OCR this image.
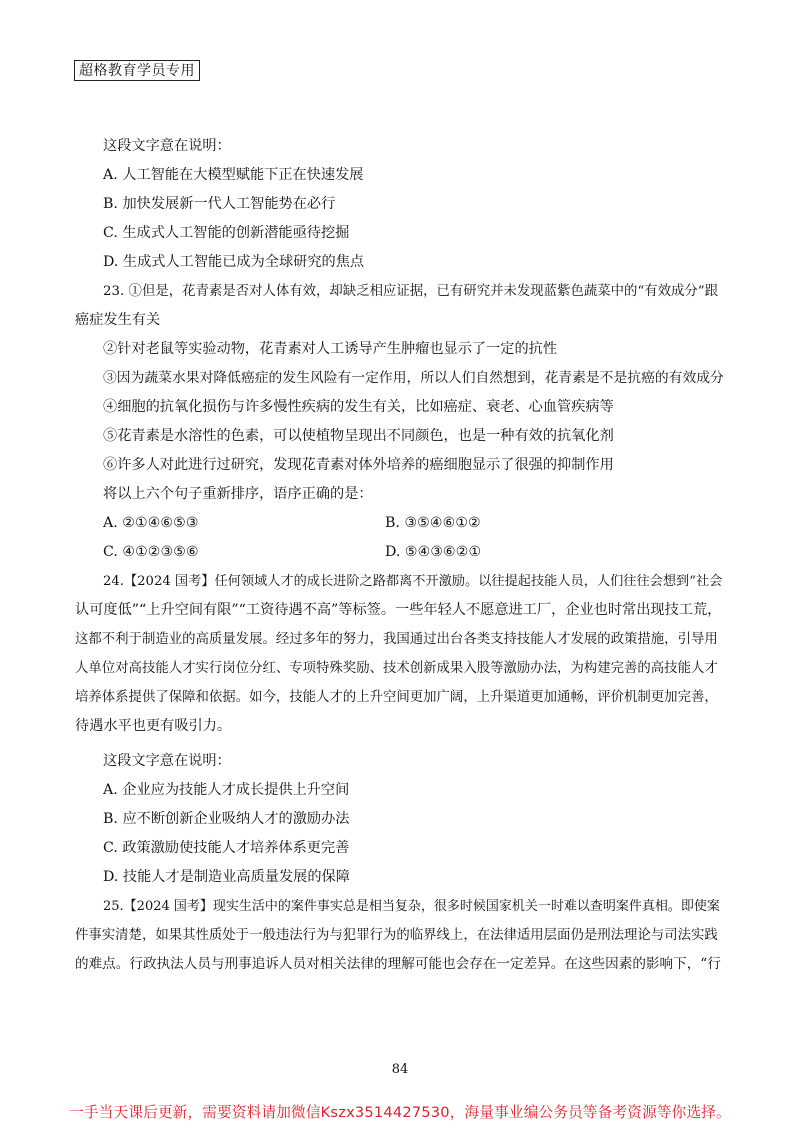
超格教育学员专用

这段文字意在说明：

A. 人工智能在大模型赋能下正在快速发展

B. 加快发展新一代人工智能势在必行

C. 生成式人工智能的创新潜能亟待挖掘

D. 生成式人工智能已成为全球研究的焦点

23. ①但是，花青素是否对人体有效，却缺乏相应证据，已有研究并未发现蓝紫色蔬菜中的“有效成分”跟

癌症发生有关

②针对老鼠等实验动物，花青素对人工诱导产生肿瘤也显示了一定的抗性

③因为蔬菜水果对降低癌症的发生风险有一定作用，所以人们自然想到，花青素是不是抗癌的有效成分

④细胞的抗氧化损伤与许多慢性疾病的发生有关，比如癌症、衰老、心血管疾病等

⑤花青素是水溶性的色素，可以使植物呈现出不同颜色，也是一种有效的抗氧化剂

⑥许多人对此进行过研究，发现花青素对体外培养的癌细胞显示了很强的抑制作用

将以上六个句子重新排序，语序正确的是：

A. ②①④⑥⑤③	B. ③⑤④⑥①②
C. ④①②③⑤⑥	D. ⑤④③⑥②①

24.【2024 国考】任何领域人才的成长进阶之路都离不开激励。以往提起技能人员，人们往往会想到“社会

认可度低”“上升空间有限”“工资待遇不高”等标签。一些年轻人不愿意进工厂，企业也时常出现技工荒，

这都不利于制造业的高质量发展。经过多年的努力，我国通过出台各类支持技能人才发展的政策措施，引导用

人单位对高技能人才实行岗位分红、专项特殊奖励、技术创新成果入股等激励办法，为构建完善的高技能人才

培养体系提供了保障和依据。如今，技能人才的上升空间更加广阔，上升渠道更加通畅，评价机制更加完善，

待遇水平也更有吸引力。

这段文字意在说明：

A. 企业应为技能人才成长提供上升空间

B. 应不断创新企业吸纳人才的激励办法

C. 政策激励使技能人才培养体系更完善

D. 技能人才是制造业高质量发展的保障

25.【2024 国考】现实生活中的案件事实总是相当复杂，很多时候国家机关一时难以查明案件真相。即使案

件事实清楚，如果其性质处于一般违法行为与犯罪行为的临界线上，在法律适用层面仍是刑法理论与司法实践

的难点。行政执法人员与刑事追诉人员对相关法律的理解可能也会存在一定差异。在这些因素的影响下，“行

84
一手当天课后更新，需要资料请加微信Kszx3514427530，海量事业编公务员等备考资源等你选择。
